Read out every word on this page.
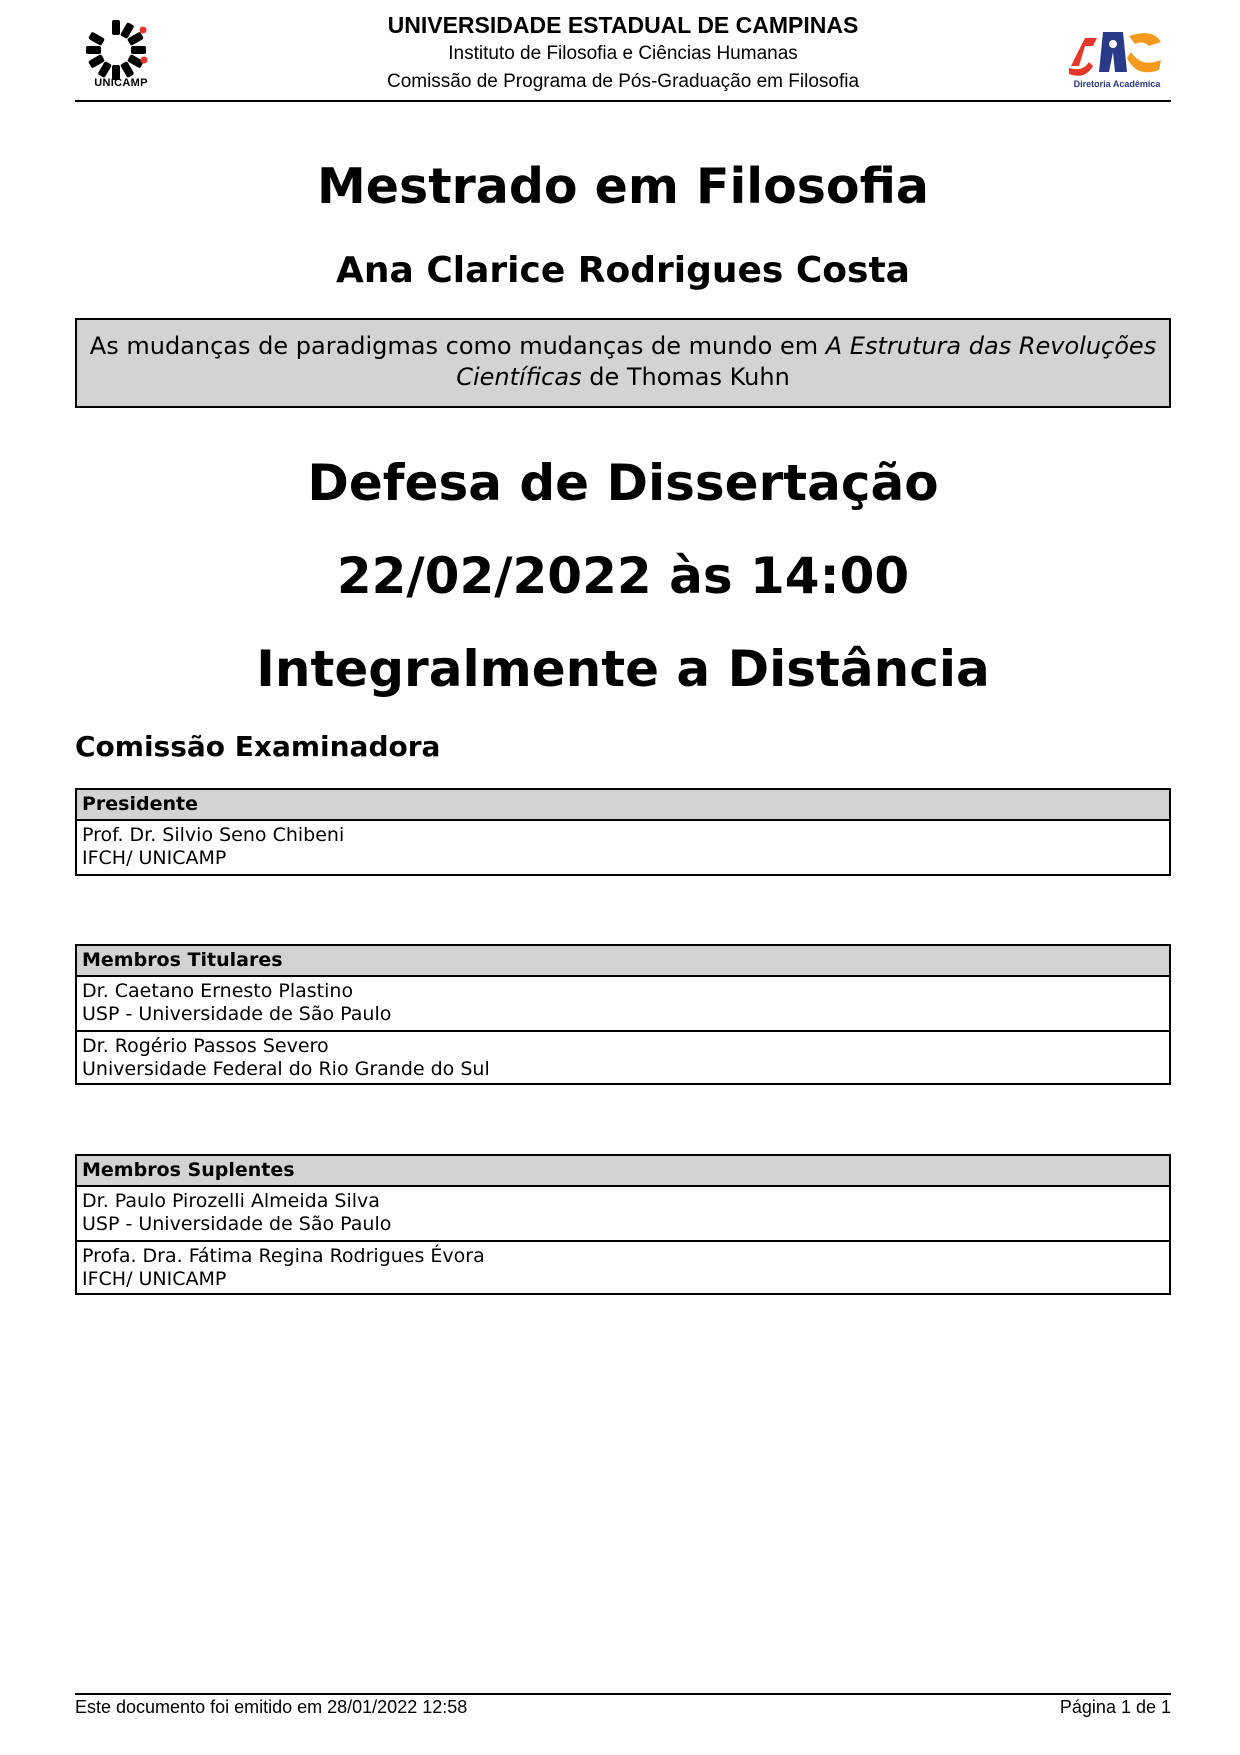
UNICAMP
UNIVERSIDADE ESTADUAL DE CAMPINAS
Instituto de Filosofia e Ciências Humanas
Comissão de Programa de Pós-Graduação em Filosofia	Diretoria Acadêmica
Mestrado em Filosofia
Ana Clarice Rodrigues Costa
As mudanças de paradigmas como mudanças de mundo em A Estrutura das Revoluções Científicas de Thomas Kuhn
Defesa de Dissertação
22/02/2022 às 14:00
Integralmente a Distância
Comissão Examinadora
Presidente
Prof. Dr. Silvio Seno Chibeni
IFCH/ UNICAMP
Membros Titulares
Dr. Caetano Ernesto Plastino
USP - Universidade de São Paulo
Dr. Rogério Passos Severo
Universidade Federal do Rio Grande do Sul
Membros Suplentes
Dr. Paulo Pirozelli Almeida Silva
USP - Universidade de São Paulo
Profa. Dra. Fátima Regina Rodrigues Évora
IFCH/ UNICAMP
Este documento foi emitido em 28/01/2022 12:58	Página 1 de 1
